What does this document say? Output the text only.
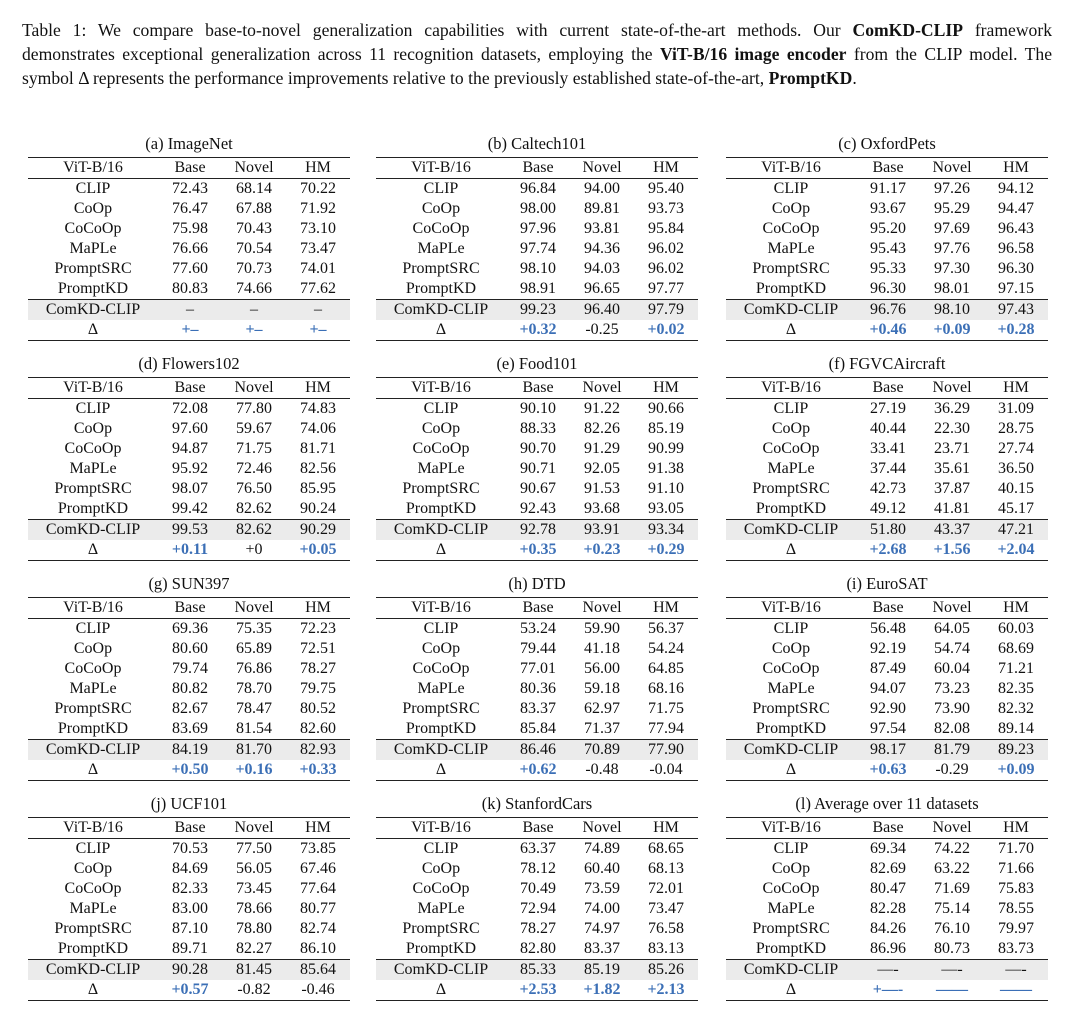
Table 1: We compare base-to-novel generalization capabilities with current state-of-the-art methods. Our ComKD-CLIP framework demonstrates exceptional generalization across 11 recognition datasets, employing the ViT-B/16 image encoder from the CLIP model. The symbol Δ represents the performance improvements relative to the previously established state-of-the-art, PromptKD.
(a) ImageNet
ViT-B/16	Base	Novel	HM
CLIP	72.43	68.14	70.22
CoOp	76.47	67.88	71.92
CoCoOp	75.98	70.43	73.10
MaPLe	76.66	70.54	73.47
PromptSRC	77.60	70.73	74.01
PromptKD	80.83	74.66	77.62
ComKD-CLIP	–	–	–
Δ	+–	+–	+–
(b) Caltech101
ViT-B/16	Base	Novel	HM
CLIP	96.84	94.00	95.40
CoOp	98.00	89.81	93.73
CoCoOp	97.96	93.81	95.84
MaPLe	97.74	94.36	96.02
PromptSRC	98.10	94.03	96.02
PromptKD	98.91	96.65	97.77
ComKD-CLIP	99.23	96.40	97.79
Δ	+0.32	-0.25	+0.02
(c) OxfordPets
ViT-B/16	Base	Novel	HM
CLIP	91.17	97.26	94.12
CoOp	93.67	95.29	94.47
CoCoOp	95.20	97.69	96.43
MaPLe	95.43	97.76	96.58
PromptSRC	95.33	97.30	96.30
PromptKD	96.30	98.01	97.15
ComKD-CLIP	96.76	98.10	97.43
Δ	+0.46	+0.09	+0.28
(d) Flowers102
ViT-B/16	Base	Novel	HM
CLIP	72.08	77.80	74.83
CoOp	97.60	59.67	74.06
CoCoOp	94.87	71.75	81.71
MaPLe	95.92	72.46	82.56
PromptSRC	98.07	76.50	85.95
PromptKD	99.42	82.62	90.24
ComKD-CLIP	99.53	82.62	90.29
Δ	+0.11	+0	+0.05
(e) Food101
ViT-B/16	Base	Novel	HM
CLIP	90.10	91.22	90.66
CoOp	88.33	82.26	85.19
CoCoOp	90.70	91.29	90.99
MaPLe	90.71	92.05	91.38
PromptSRC	90.67	91.53	91.10
PromptKD	92.43	93.68	93.05
ComKD-CLIP	92.78	93.91	93.34
Δ	+0.35	+0.23	+0.29
(f) FGVCAircraft
ViT-B/16	Base	Novel	HM
CLIP	27.19	36.29	31.09
CoOp	40.44	22.30	28.75
CoCoOp	33.41	23.71	27.74
MaPLe	37.44	35.61	36.50
PromptSRC	42.73	37.87	40.15
PromptKD	49.12	41.81	45.17
ComKD-CLIP	51.80	43.37	47.21
Δ	+2.68	+1.56	+2.04
(g) SUN397
ViT-B/16	Base	Novel	HM
CLIP	69.36	75.35	72.23
CoOp	80.60	65.89	72.51
CoCoOp	79.74	76.86	78.27
MaPLe	80.82	78.70	79.75
PromptSRC	82.67	78.47	80.52
PromptKD	83.69	81.54	82.60
ComKD-CLIP	84.19	81.70	82.93
Δ	+0.50	+0.16	+0.33
(h) DTD
ViT-B/16	Base	Novel	HM
CLIP	53.24	59.90	56.37
CoOp	79.44	41.18	54.24
CoCoOp	77.01	56.00	64.85
MaPLe	80.36	59.18	68.16
PromptSRC	83.37	62.97	71.75
PromptKD	85.84	71.37	77.94
ComKD-CLIP	86.46	70.89	77.90
Δ	+0.62	-0.48	-0.04
(i) EuroSAT
ViT-B/16	Base	Novel	HM
CLIP	56.48	64.05	60.03
CoOp	92.19	54.74	68.69
CoCoOp	87.49	60.04	71.21
MaPLe	94.07	73.23	82.35
PromptSRC	92.90	73.90	82.32
PromptKD	97.54	82.08	89.14
ComKD-CLIP	98.17	81.79	89.23
Δ	+0.63	-0.29	+0.09
(j) UCF101
ViT-B/16	Base	Novel	HM
CLIP	70.53	77.50	73.85
CoOp	84.69	56.05	67.46
CoCoOp	82.33	73.45	77.64
MaPLe	83.00	78.66	80.77
PromptSRC	87.10	78.80	82.74
PromptKD	89.71	82.27	86.10
ComKD-CLIP	90.28	81.45	85.64
Δ	+0.57	-0.82	-0.46
(k) StanfordCars
ViT-B/16	Base	Novel	HM
CLIP	63.37	74.89	68.65
CoOp	78.12	60.40	68.13
CoCoOp	70.49	73.59	72.01
MaPLe	72.94	74.00	73.47
PromptSRC	78.27	74.97	76.58
PromptKD	82.80	83.37	83.13
ComKD-CLIP	85.33	85.19	85.26
Δ	+2.53	+1.82	+2.13
(l) Average over 11 datasets
ViT-B/16	Base	Novel	HM
CLIP	69.34	74.22	71.70
CoOp	82.69	63.22	71.66
CoCoOp	80.47	71.69	75.83
MaPLe	82.28	75.14	78.55
PromptSRC	84.26	76.10	79.97
PromptKD	86.96	80.73	83.73
ComKD-CLIP	—-	—-	—-
Δ	+—-	——	——
